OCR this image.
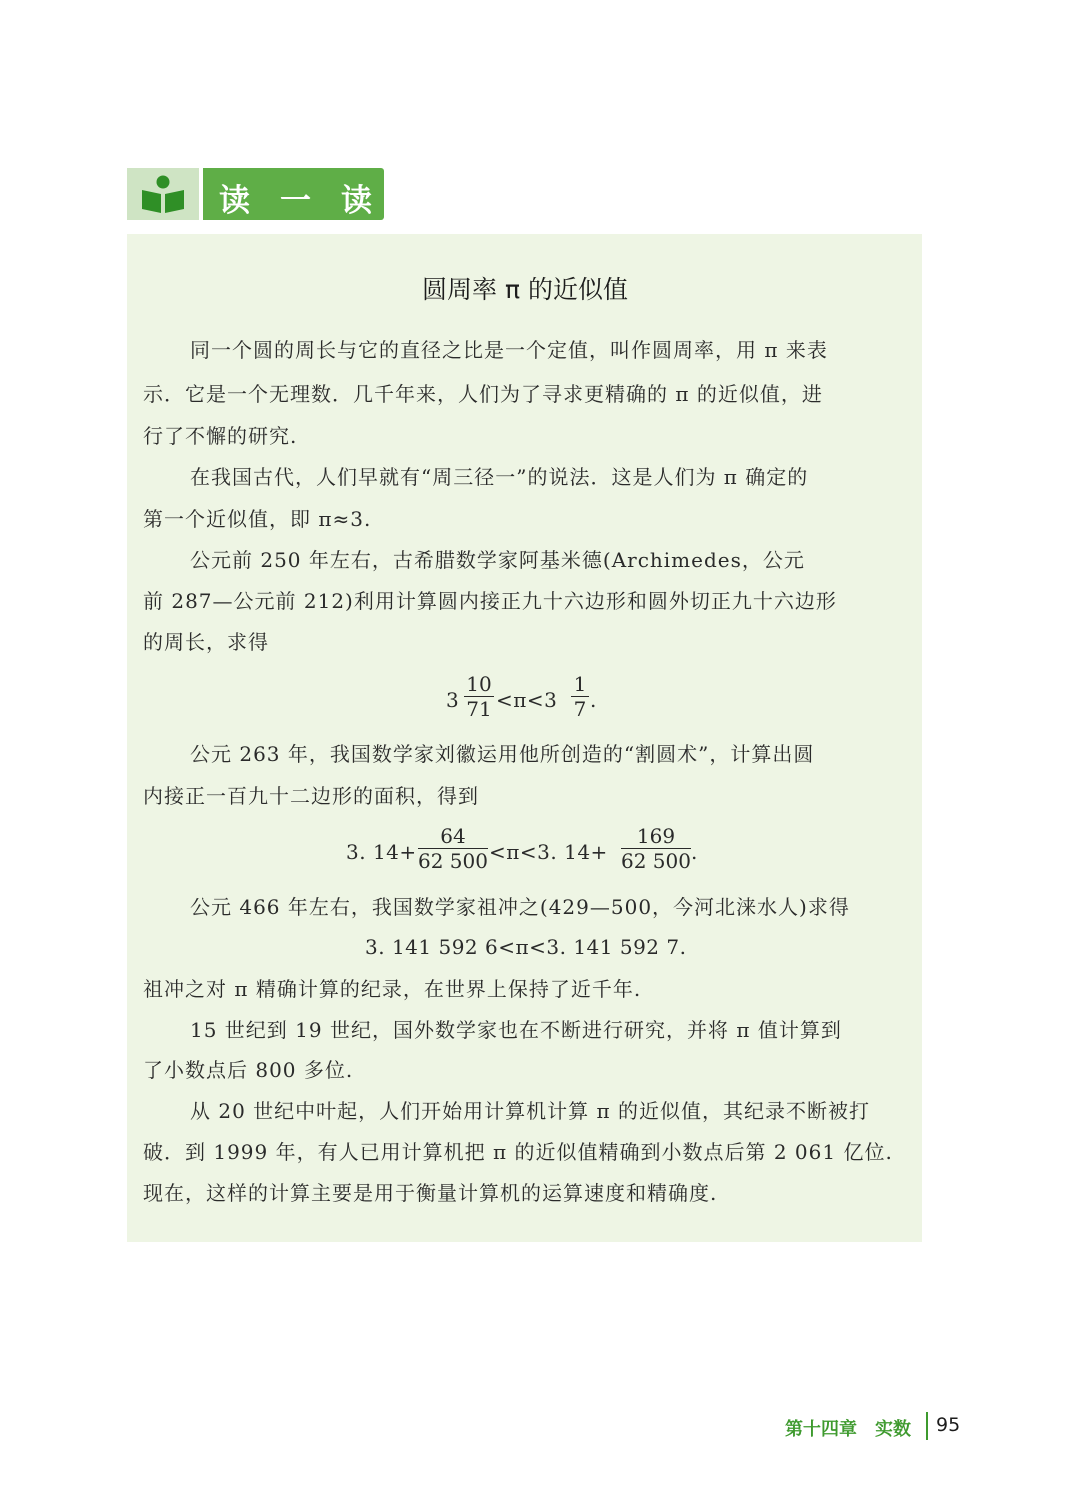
读一读
圆周率 π 的近似值
同一个圆的周长与它的直径之比是一个定值，叫作圆周率，用 π 来表
示．它是一个无理数．几千年来，人们为了寻求更精确的 π 的近似值，进
行了不懈的研究.
在我国古代，人们早就有“周三径一”的说法．这是人们为 π 确定的
第一个近似值，即 π≈3.
公元前 250 年左右，古希腊数学家阿基米德(Archimedes，公元
前 287—公元前 212)利用计算圆内接正九十六边形和圆外切正九十六边形
的周长，求得
$3 \frac{10}{71} <\pi<3 \frac{1}{7}$ .
公元 263 年，我国数学家刘徽运用他所创造的“割圆术”，计算出圆
内接正一百九十二边形的面积，得到
3. $14+ \frac{64}{62 500} <\pi<3$. $14+ \frac{169}{62 500}$ .
公元 466 年左右，我国数学家祖冲之(429—500，今河北涞水人)求得
3. 141 592 6<π<3. 141 592 7.
祖冲之对 π 精确计算的纪录，在世界上保持了近千年.
15 世纪到 19 世纪，国外数学家也在不断进行研究，并将 π 值计算到
了小数点后 800 多位.
从 20 世纪中叶起，人们开始用计算机计算 π 的近似值，其纪录不断被打
破．到 1999 年，有人已用计算机把 π 的近似值精确到小数点后第 2 061 亿位.
现在，这样的计算主要是用于衡量计算机的运算速度和精确度.
第十四章　实数 95
